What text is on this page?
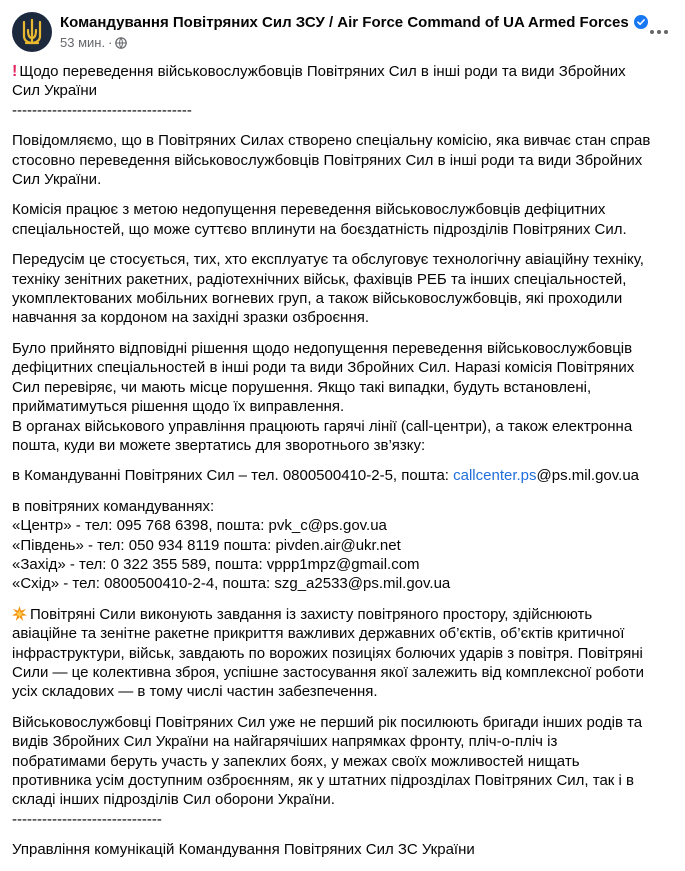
Командування Повітряних Сил ЗСУ / Air Force Command of UA Armed Forces
53 мин. ·

! Щодо переведення військовослужбовців Повітряних Сил в інші роди та види Збройних Сил України

------------------------------------

Повідомляємо, що в Повітряних Силах створено спеціальну комісію, яка вивчає стан справ стосовно переведення військовослужбовців Повітряних Сил в інші роди та види Збройних Сил України.

Комісія працює з метою недопущення переведення військовослужбовців дефіцитних спеціальностей, що може суттєво вплинути на боєздатність підрозділів Повітряних Сил.

Передусім це стосується, тих, хто експлуатує та обслуговує технологічну авіаційну техніку, техніку зенітних ракетних, радіотехнічних військ, фахівців РЕБ та інших спеціальностей, укомплектованих мобільних вогневих груп, а також військовослужбовців, які проходили навчання за кордоном на західні зразки озброєння.

Було прийнято відповідні рішення щодо недопущення переведення військовослужбовців дефіцитних спеціальностей в інші роди та види Збройних Сил. Наразі комісія Повітряних Сил перевіряє, чи мають місце порушення. Якщо такі випадки, будуть встановлені, прийматимуться рішення щодо їх виправлення.

В органах військового управління працюють гарячі лінії (call-центри), а також електронна пошта, куди ви можете звертатись для зворотнього зв’язку:

в Командуванні Повітряних Сил – тел. 0800500410-2-5, пошта: callcenter.ps@ps.mil.gov.ua

в повітряних командуваннях:
«Центр» - тел: 095 768 6398, пошта: pvk_c@ps.gov.ua
«Південь» - тел: 050 934 8119 пошта: pivden.air@ukr.net
«Захід» - тел: 0 322 355 589, пошта: vppp1mpz@gmail.com
«Схід» - тел: 0800500410-2-4, пошта: szg_a2533@ps.mil.gov.ua

Повітряні Сили виконують завдання із захисту повітряного простору, здійснюють авіаційне та зенітне ракетне прикриття важливих державних об’єктів, об’єктів критичної інфраструктури, військ, завдають по ворожих позиціях болючих ударів з повітря. Повітряні Сили — це колективна зброя, успішне застосування якої залежить від комплексної роботи усіх складових — в тому числі частин забезпечення.

Військовослужбовці Повітряних Сил уже не перший рік посилюють бригади інших родів та видів Збройних Сил України на найгарячіших напрямках фронту, пліч-о-пліч із побратимами беруть участь у запеклих боях, у межах своїх можливостей нищать противника усім доступним озброєнням, як у штатних підрозділах Повітряних Сил, так і в складі інших підрозділів Сил оборони України.

------------------------------

Управління комунікацій Командування Повітряних Сил ЗС України
